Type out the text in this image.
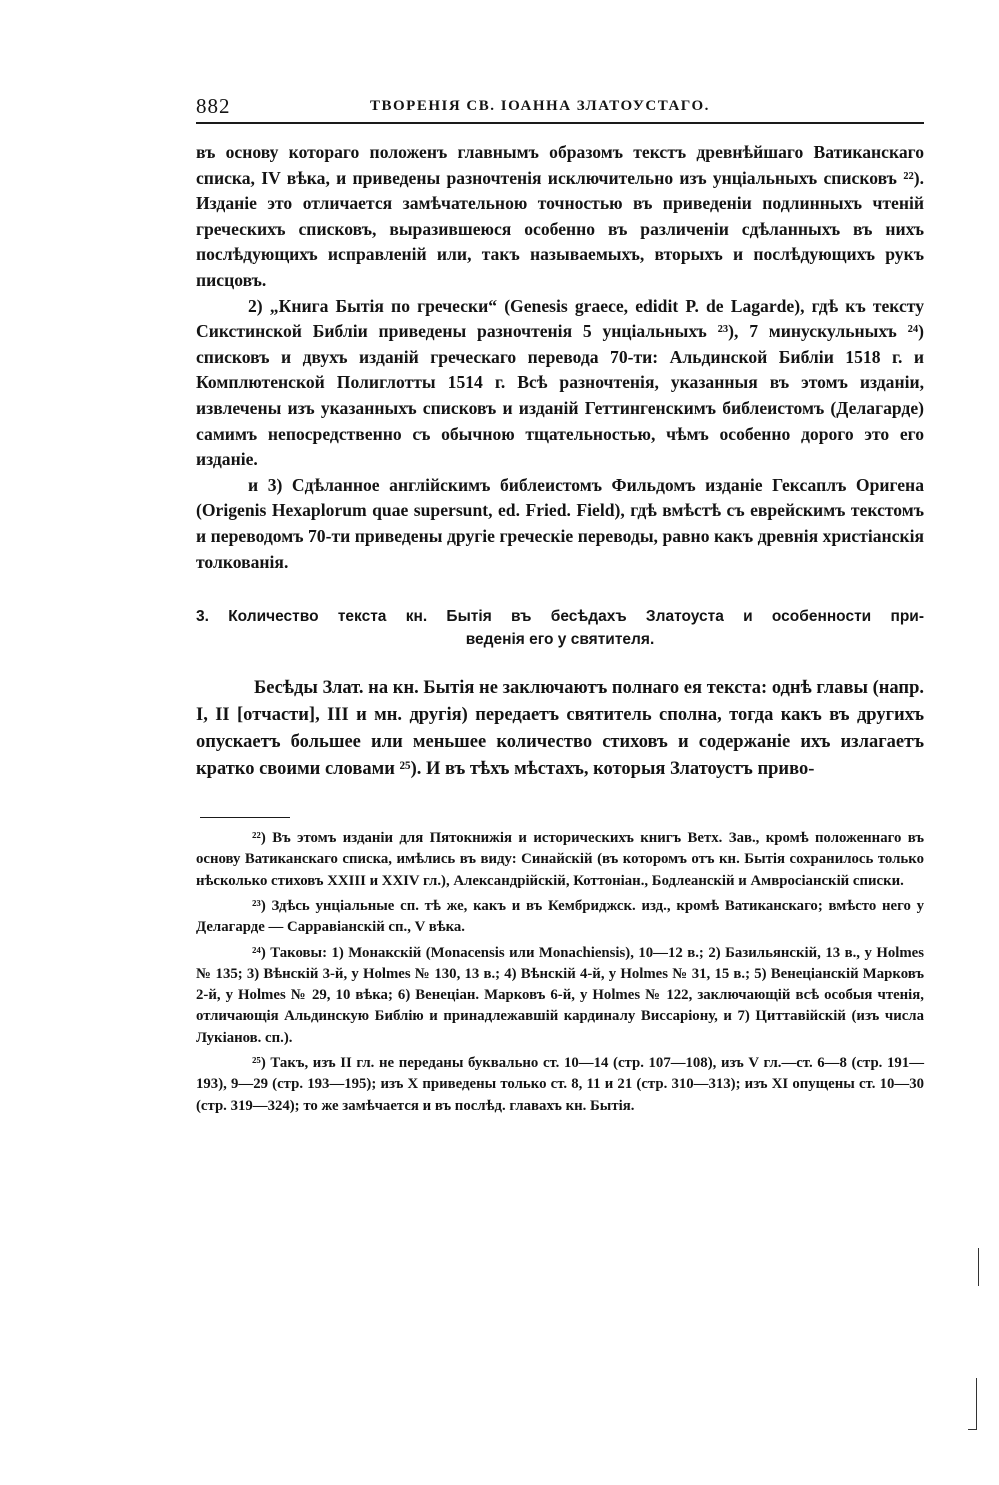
882	ТВОРЕНІЯ СВ. ІОАННА ЗЛАТОУСТАГО.

въ основу котораго положенъ главнымъ образомъ текстъ древнѣйшаго Ватиканскаго списка, IV вѣка, и приведены разночтенія исключительно изъ унціальныхъ списковъ ²²). Изданіе это отличается замѣчательною точностью въ приведеніи подлинныхъ чтеній греческихъ списковъ, выразившеюся особенно въ различеніи сдѣланныхъ въ нихъ послѣдующихъ исправленій или, такъ называемыхъ, вторыхъ и послѣдующихъ рукъ писцовъ.

2) „Книга Бытія по гречески“ (Genesis graece, edidit P. de Lagarde), гдѣ къ тексту Сикстинской Библіи приведены разночтенія 5 унціальныхъ ²³), 7 минускульныхъ ²⁴) списковъ и двухъ изданій греческаго перевода 70-ти: Альдинской Библіи 1518 г. и Комплютенской Полиглотты 1514 г. Всѣ разночтенія, указанныя въ этомъ изданіи, извлечены изъ указанныхъ списковъ и изданій Геттингенскимъ библеистомъ (Делагарде) самимъ непосредственно съ обычною тщательностью, чѣмъ особенно дорого это его изданіе.

и 3) Сдѣланное англійскимъ библеистомъ Фильдомъ изданіе Гексаплъ Оригена (Origenis Hexaplorum quae supersunt, ed. Fried. Field), гдѣ вмѣстѣ съ еврейскимъ текстомъ и переводомъ 70-ти приведены другіе греческіе переводы, равно какъ древнія христіанскія толкованія.

3. Количество текста кн. Бытія въ бесѣдахъ Златоуста и особенности при-
веденія его у святителя.

Бесѣды Злат. на кн. Бытія не заключаютъ полнаго ея текста: однѣ главы (напр. I, II [отчасти], III и мн. другія) передаетъ святитель сполна, тогда какъ въ другихъ опускаетъ большее или меньшее количество стиховъ и содержаніе ихъ излагаетъ кратко своими словами ²⁵). И въ тѣхъ мѣстахъ, которыя Златоустъ приво-

²²) Въ этомъ изданіи для Пятокнижія и историческихъ книгъ Ветх. Зав., кромѣ положеннаго въ основу Ватиканскаго списка, имѣлись въ виду: Синайскій (въ которомъ отъ кн. Бытія сохранилось только нѣсколько стиховъ XXIII и XXIV гл.), Александрійскій, Коттоніан., Бодлеанскій и Амвросіанскій списки.

²³) Здѣсь унціальные сп. тѣ же, какъ и въ Кембриджск. изд., кромѣ Ватиканскаго; вмѣсто него у Делагарде — Сарравіанскій сп., V вѣка.

²⁴) Таковы: 1) Монакскій (Monacensis или Monachiensis), 10—12 в.; 2) Базильянскій, 13 в., у Holmes № 135; 3) Вѣнскій 3-й, у Holmes № 130, 13 в.; 4) Вѣнскій 4-й, у Holmes № 31, 15 в.; 5) Венеціанскій Марковъ 2-й, у Holmes № 29, 10 вѣка; 6) Венеціан. Марковъ 6-й, у Holmes № 122, заключающій всѣ особыя чтенія, отличающія Альдинскую Библію и принадлежавшій кардиналу Виссаріону, и 7) Циттавійскій (изъ числа Лукіанов. сп.).

²⁵) Такъ, изъ II гл. не переданы буквально ст. 10—14 (стр. 107—108), изъ V гл.—ст. 6—8 (стр. 191—193), 9—29 (стр. 193—195); изъ X приведены только ст. 8, 11 и 21 (стр. 310—313); изъ XI опущены ст. 10—30 (стр. 319—324); то же замѣчается и въ послѣд. главахъ кн. Бытія.
